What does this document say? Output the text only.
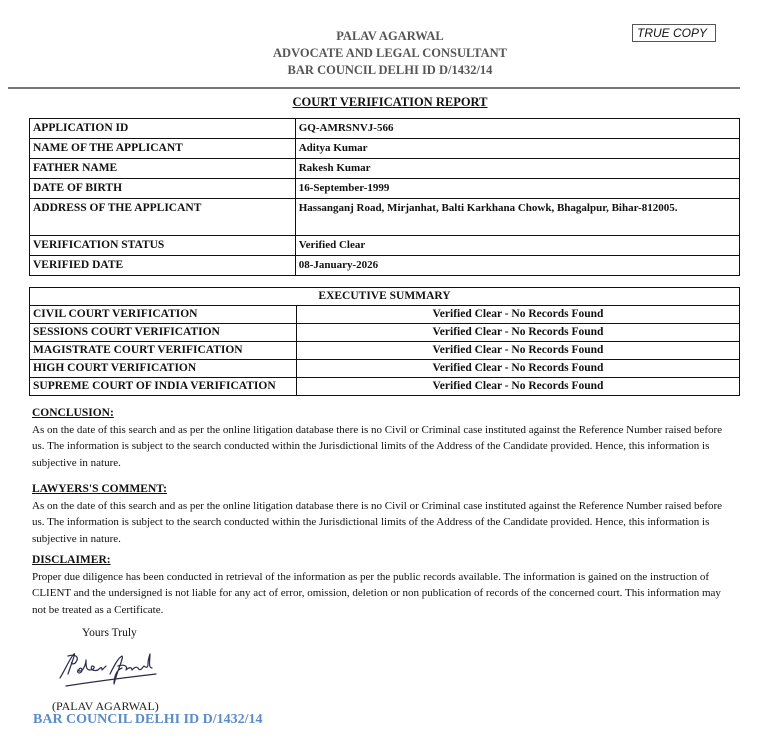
PALAV AGARWAL
ADVOCATE AND LEGAL CONSULTANT
BAR COUNCIL DELHI ID D/1432/14
TRUE COPY
COURT VERIFICATION REPORT
APPLICATION ID	GQ-AMRSNVJ-566
NAME OF THE APPLICANT	Aditya Kumar
FATHER NAME	Rakesh Kumar
DATE OF BIRTH	16-September-1999
ADDRESS OF THE APPLICANT	Hassanganj Road, Mirjanhat, Balti Karkhana Chowk, Bhagalpur, Bihar-812005.
VERIFICATION STATUS	Verified Clear
VERIFIED DATE	08-January-2026
EXECUTIVE SUMMARY	
CIVIL COURT VERIFICATION	Verified Clear - No Records Found
SESSIONS COURT VERIFICATION	Verified Clear - No Records Found
MAGISTRATE COURT VERIFICATION	Verified Clear - No Records Found
HIGH COURT VERIFICATION	Verified Clear - No Records Found
SUPREME COURT OF INDIA VERIFICATION	Verified Clear - No Records Found
CONCLUSION:
As on the date of this search and as per the online litigation database there is no Civil or Criminal case instituted against the Reference Number raised before us. The information is subject to the search conducted within the Jurisdictional limits of the Address of the Candidate provided. Hence, this information is subjective in nature.
LAWYERS'S COMMENT:
As on the date of this search and as per the online litigation database there is no Civil or Criminal case instituted against the Reference Number raised before us. The information is subject to the search conducted within the Jurisdictional limits of the Address of the Candidate provided. Hence, this information is subjective in nature.
DISCLAIMER:
Proper due diligence has been conducted in retrieval of the information as per the public records available. The information is gained on the instruction of CLIENT and the undersigned is not liable for any act of error, omission, deletion or non publication of records of the concerned court. This information may not be treated as a Certificate.
Yours Truly
(PALAV AGARWAL)
BAR COUNCIL DELHI ID D/1432/14
